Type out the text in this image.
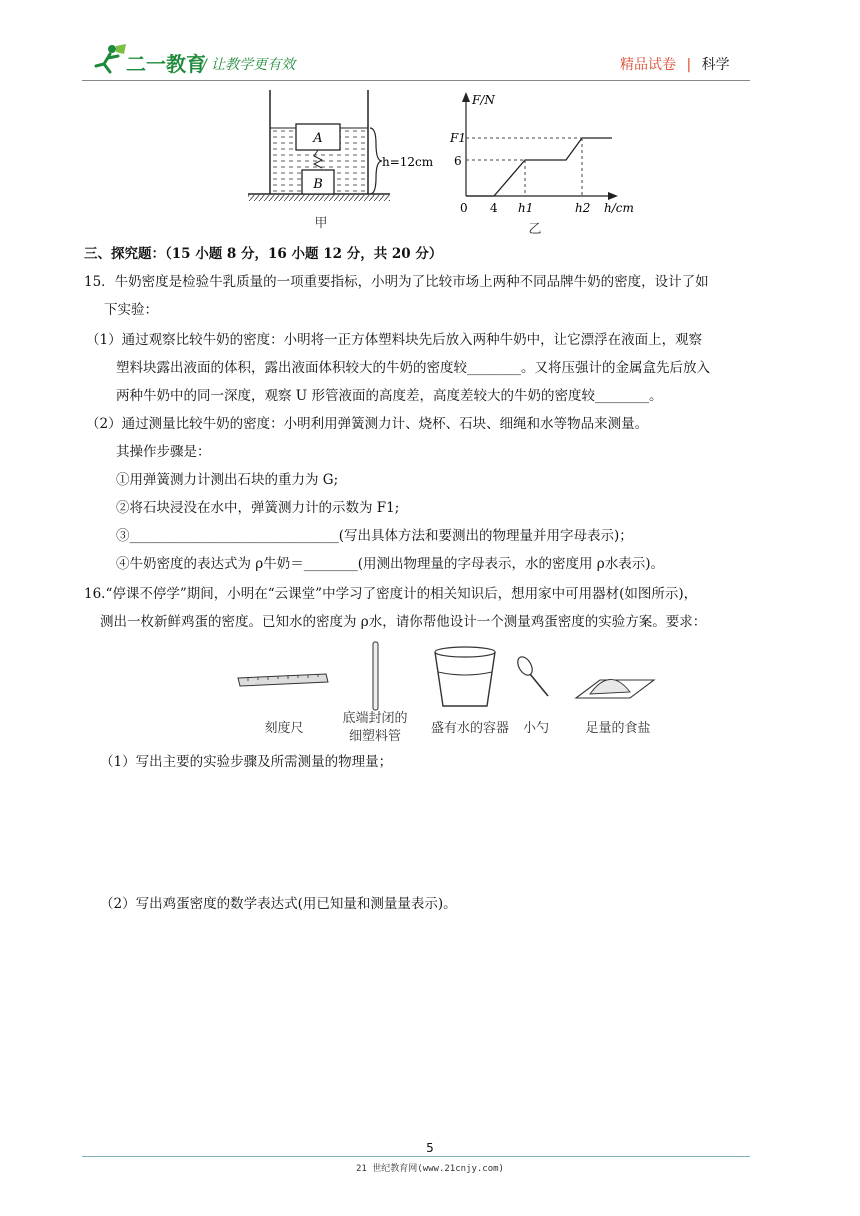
二一教育
/ 让教学更有效	精品试卷 | 科学
A
B
h=12cm
甲
F/N
F1
6
0 4 h1	h2 h/cm
乙
三、探究题：（15 小题 8 分，16 小题 12 分，共 20 分）
15．牛奶密度是检验牛乳质量的一项重要指标，小明为了比较市场上两种不同品牌牛奶的密度，设计了如
下实验：
（1）通过观察比较牛奶的密度：小明将一正方体塑料块先后放入两种牛奶中，让它漂浮在液面上，观察
塑料块露出液面的体积，露出液面体积较大的牛奶的密度较________。又将压强计的金属盒先后放入
两种牛奶中的同一深度，观察 U 形管液面的高度差，高度差较大的牛奶的密度较________。
（2）通过测量比较牛奶的密度：小明利用弹簧测力计、烧杯、石块、细绳和水等物品来测量。
其操作步骤是：
①用弹簧测力计测出石块的重力为 G;
②将石块浸没在水中，弹簧测力计的示数为 F1;
③_______________________________(写出具体方法和要测出的物理量并用字母表示)；
④牛奶密度的表达式为 ρ牛奶＝________(用测出物理量的字母表示，水的密度用 ρ水表示)。
16.“停课不停学”期间，小明在“云课堂”中学习了密度计的相关知识后，想用家中可用器材(如图所示)，
测出一枚新鲜鸡蛋的密度。已知水的密度为 ρ水，请你帮他设计一个测量鸡蛋密度的实验方案。要求：
刻度尺
底端封闭的
细塑料管
盛有水的容器	小勺	足量的食盐
（1）写出主要的实验步骤及所需测量的物理量；
（2）写出鸡蛋密度的数学表达式(用已知量和测量量表示)。
5
21 世纪教育网(www.21cnjy.com)
